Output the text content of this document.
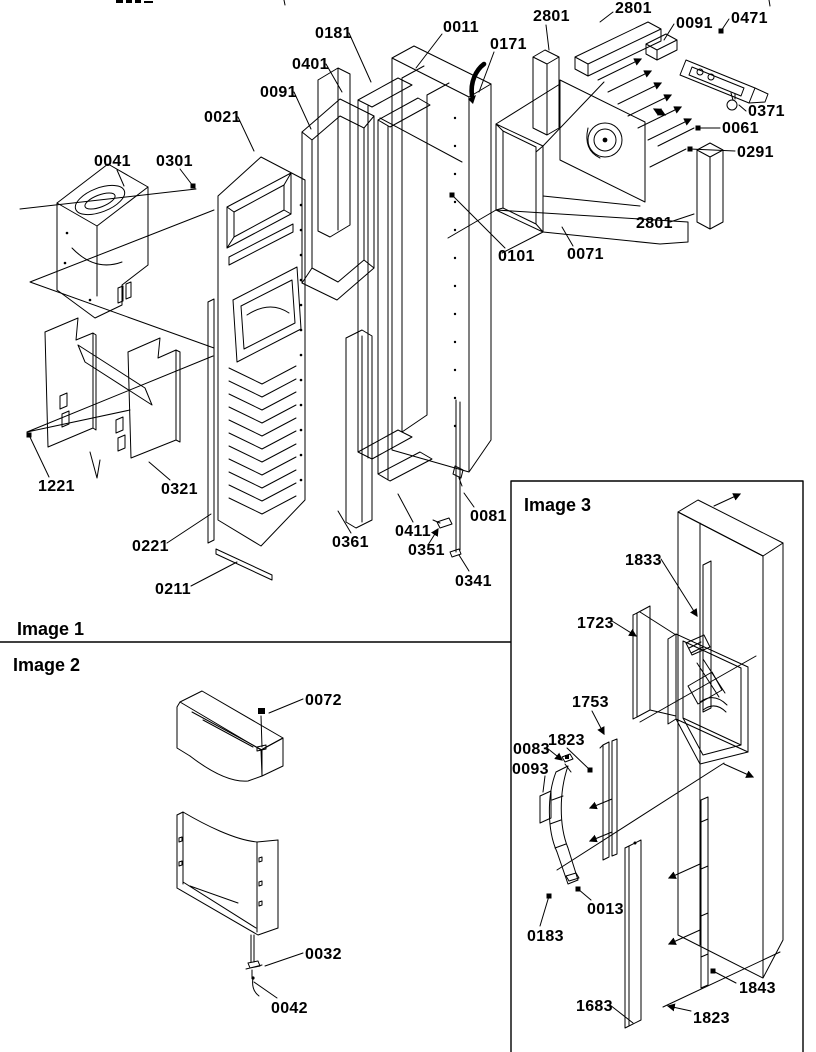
Image 1
Image 2
Image 3
0181
0401
0091
0021
0041 0301
0011
0171
2801	2801
0091 0471
0371
0061
0291
2801
0071
0101
1221	0321
0221
0211
0361
0411
0351
0081
0341
0072
0032
0042
1833
1723
1753
1823
0083
0093
0013
0183
1683
1823
1843
